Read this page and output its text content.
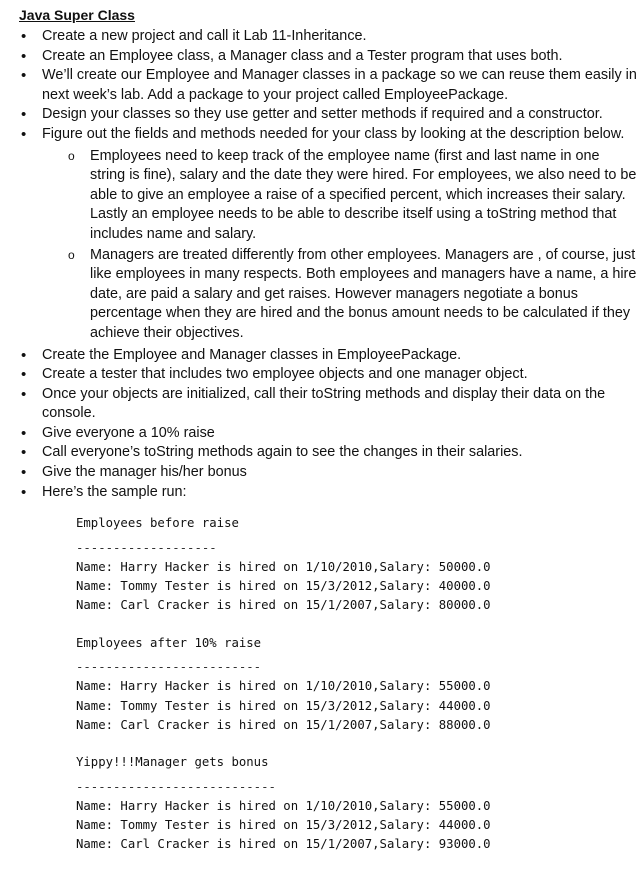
Java Super Class
• Create a new project and call it Lab 11-Inheritance.
• Create an Employee class, a Manager class and a Tester program that uses both.
• We’ll create our Employee and Manager classes in a package so we can reuse them easily in next week’s lab. Add a package to your project called EmployeePackage.
• Design your classes so they use getter and setter methods if required and a constructor.
• Figure out the fields and methods needed for your class by looking at the description below.
o Employees need to keep track of the employee name (first and last name in one string is fine), salary and the date they were hired. For employees, we also need to be able to give an employee a raise of a specified percent, which increases their salary. Lastly an employee needs to be able to describe itself using a toString method that includes name and salary.
o Managers are treated differently from other employees. Managers are , of course, just like employees in many respects. Both employees and managers have a name, a hire date, are paid a salary and get raises. However managers negotiate a bonus percentage when they are hired and the bonus amount needs to be calculated if they achieve their objectives.
• Create the Employee and Manager classes in EmployeePackage.
• Create a tester that includes two employee objects and one manager object.
• Once your objects are initialized, call their toString methods and display their data on the console.
• Give everyone a 10% raise
• Call everyone’s toString methods again to see the changes in their salaries.
• Give the manager his/her bonus
• Here’s the sample run:
Employees before raise
-------------------
Name: Harry Hacker is hired on 1/10/2010,Salary: 50000.0
Name: Tommy Tester is hired on 15/3/2012,Salary: 40000.0
Name: Carl Cracker is hired on 15/1/2007,Salary: 80000.0
Employees after 10% raise
-------------------------
Name: Harry Hacker is hired on 1/10/2010,Salary: 55000.0
Name: Tommy Tester is hired on 15/3/2012,Salary: 44000.0
Name: Carl Cracker is hired on 15/1/2007,Salary: 88000.0
Yippy!!!Manager gets bonus
---------------------------
Name: Harry Hacker is hired on 1/10/2010,Salary: 55000.0
Name: Tommy Tester is hired on 15/3/2012,Salary: 44000.0
Name: Carl Cracker is hired on 15/1/2007,Salary: 93000.0
